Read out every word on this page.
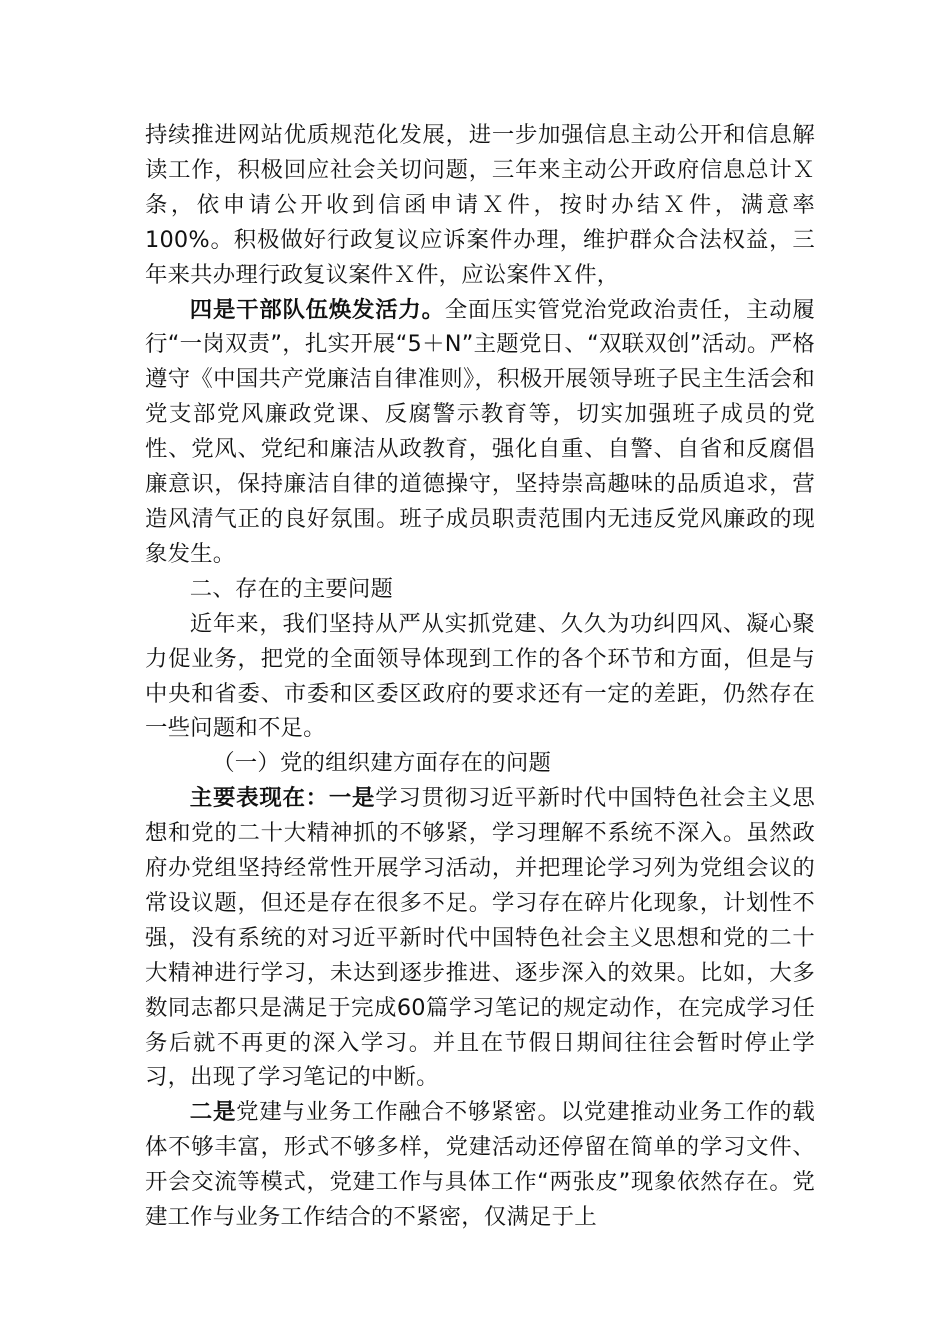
持续推进网站优质规范化发展，进一步加强信息主动公开和信息解读工作，积极回应社会关切问题，三年来主动公开政府信息总计Ｘ条，依申请公开收到信函申请Ｘ件，按时办结Ｘ件，满意率100%。积极做好行政复议应诉案件办理，维护群众合法权益，三年来共办理行政复议案件Ｘ件，应讼案件Ｘ件，

四是干部队伍焕发活力。全面压实管党治党政治责任，主动履行“一岗双责”，扎实开展“5＋N”主题党日、“双联双创”活动。严格遵守《中国共产党廉洁自律准则》，积极开展领导班子民主生活会和党支部党风廉政党课、反腐警示教育等，切实加强班子成员的党性、党风、党纪和廉洁从政教育，强化自重、自警、自省和反腐倡廉意识，保持廉洁自律的道德操守，坚持崇高趣味的品质追求，营造风清气正的良好氛围。班子成员职责范围内无违反党风廉政的现象发生。

二、存在的主要问题

近年来，我们坚持从严从实抓党建、久久为功纠四风、凝心聚力促业务，把党的全面领导体现到工作的各个环节和方面，但是与中央和省委、市委和区委区政府的要求还有一定的差距，仍然存在一些问题和不足。

（一）党的组织建方面存在的问题

主要表现在：一是学习贯彻习近平新时代中国特色社会主义思想和党的二十大精神抓的不够紧，学习理解不系统不深入。虽然政府办党组坚持经常性开展学习活动，并把理论学习列为党组会议的常设议题，但还是存在很多不足。学习存在碎片化现象，计划性不强，没有系统的对习近平新时代中国特色社会主义思想和党的二十大精神进行学习，未达到逐步推进、逐步深入的效果。比如，大多数同志都只是满足于完成60篇学习笔记的规定动作，在完成学习任务后就不再更的深入学习。并且在节假日期间往往会暂时停止学习，出现了学习笔记的中断。

二是党建与业务工作融合不够紧密。以党建推动业务工作的载体不够丰富，形式不够多样，党建活动还停留在简单的学习文件、开会交流等模式，党建工作与具体工作“两张皮”现象依然存在。党建工作与业务工作结合的不紧密，仅满足于上
